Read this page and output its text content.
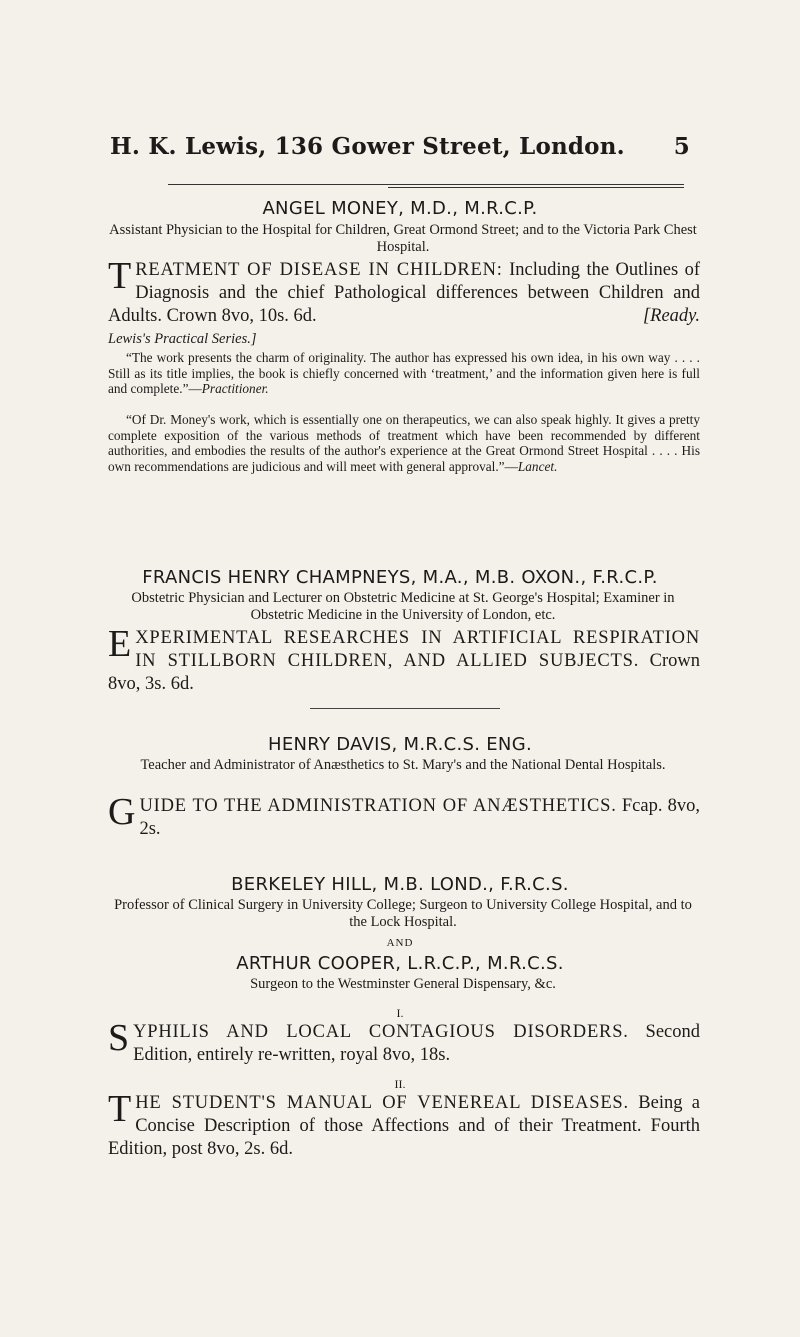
H. K. Lewis, 136 Gower Street, London. 5
ANGEL MONEY, M.D., M.R.C.P.
Assistant Physician to the Hospital for Children, Great Ormond Street; and to the Victoria Park Chest Hospital.
TREATMENT OF DISEASE IN CHILDREN: Including the Outlines of Diagnosis and the chief Pathological differences between Children and Adults. Crown 8vo, 10s. 6d.	[Ready.
Lewis's Practical Series.]
“The work presents the charm of originality. The author has expressed his own idea, in his own way . . . . Still as its title implies, the book is chiefly concerned with ‘treatment,’ and the information given here is full and complete.”—Practitioner.
“Of Dr. Money's work, which is essentially one on therapeutics, we can also speak highly. It gives a pretty complete exposition of the various methods of treatment which have been recommended by different authorities, and embodies the results of the author's experience at the Great Ormond Street Hospital . . . . His own recommendations are judicious and will meet with general approval.”—Lancet.
FRANCIS HENRY CHAMPNEYS, M.A., M.B. OXON., F.R.C.P.
Obstetric Physician and Lecturer on Obstetric Medicine at St. George's Hospital; Examiner in Obstetric Medicine in the University of London, etc.
EXPERIMENTAL RESEARCHES IN ARTIFICIAL RESPIRATION IN STILLBORN CHILDREN, AND ALLIED SUBJECTS. Crown 8vo, 3s. 6d.
HENRY DAVIS, M.R.C.S. ENG.
Teacher and Administrator of Anæsthetics to St. Mary's and the National Dental Hospitals.
GUIDE TO THE ADMINISTRATION OF ANÆSTHETICS. Fcap. 8vo, 2s.
BERKELEY HILL, M.B. LOND., F.R.C.S.
Professor of Clinical Surgery in University College; Surgeon to University College Hospital, and to the Lock Hospital.
AND
ARTHUR COOPER, L.R.C.P., M.R.C.S.
Surgeon to the Westminster General Dispensary, &c.
I.
SYPHILIS AND LOCAL CONTAGIOUS DISORDERS. Second Edition, entirely re-written, royal 8vo, 18s.
II.
THE STUDENT'S MANUAL OF VENEREAL DISEASES. Being a Concise Description of those Affections and of their Treatment. Fourth Edition, post 8vo, 2s. 6d.
